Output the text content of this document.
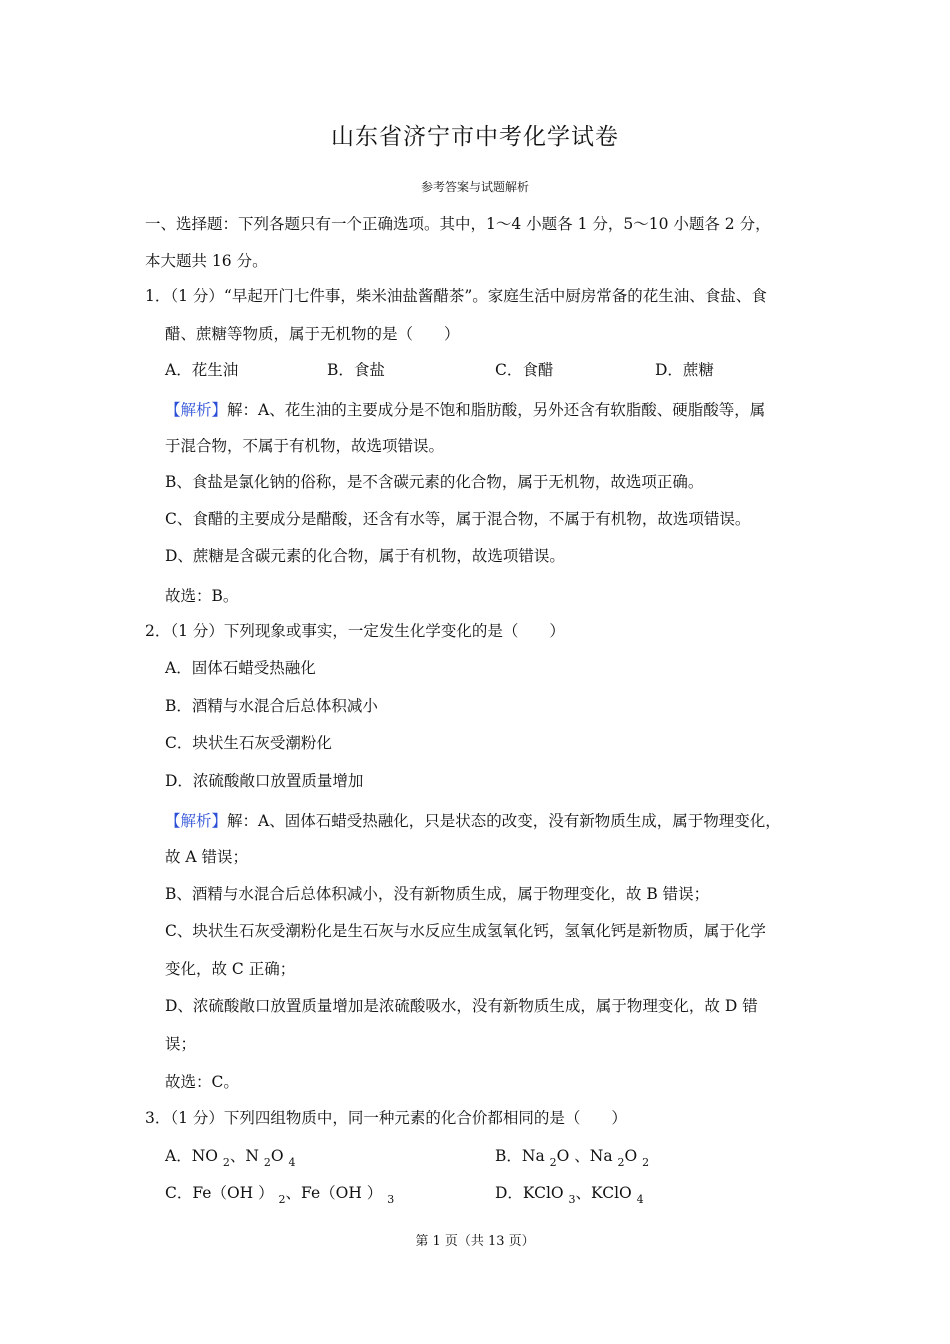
山东省济宁市中考化学试卷
参考答案与试题解析
一、选择题：下列各题只有一个正确选项。其中，1～4 小题各 1 分，5～10 小题各 2 分，
本大题共 16 分。
1．（1 分）“早起开门七件事，柴米油盐酱醋茶”。家庭生活中厨房常备的花生油、食盐、食
醋、蔗糖等物质，属于无机物的是（　　）
A．花生油	B．食盐	C．食醋	D．蔗糖
【解析】解：A、花生油的主要成分是不饱和脂肪酸，另外还含有软脂酸、硬脂酸等，属
于混合物，不属于有机物，故选项错误。
B、食盐是氯化钠的俗称，是不含碳元素的化合物，属于无机物，故选项正确。
C、食醋的主要成分是醋酸，还含有水等，属于混合物，不属于有机物，故选项错误。
D、蔗糖是含碳元素的化合物，属于有机物，故选项错误。
故选：B。
2．（1 分）下列现象或事实，一定发生化学变化的是（　　）
A．固体石蜡受热融化
B．酒精与水混合后总体积减小
C．块状生石灰受潮粉化
D．浓硫酸敞口放置质量增加
【解析】解：A、固体石蜡受热融化，只是状态的改变，没有新物质生成，属于物理变化，
故 A 错误；
B、酒精与水混合后总体积减小，没有新物质生成，属于物理变化，故 B 错误；
C、块状生石灰受潮粉化是生石灰与水反应生成氢氧化钙，氢氧化钙是新物质，属于化学
变化，故 C 正确；
D、浓硫酸敞口放置质量增加是浓硫酸吸水，没有新物质生成，属于物理变化，故 D 错
误；
故选：C。
3．（1 分）下列四组物质中，同一种元素的化合价都相同的是（　　）
A．NO $_2$、N $_2$O $_4$	B．Na $_2$O 、Na $_2$O $_2$
C．Fe（OH ） $_2$、Fe（OH ） $_3$	D．KClO $_3$、KClO $_4$
第 1 页（共 13 页）
